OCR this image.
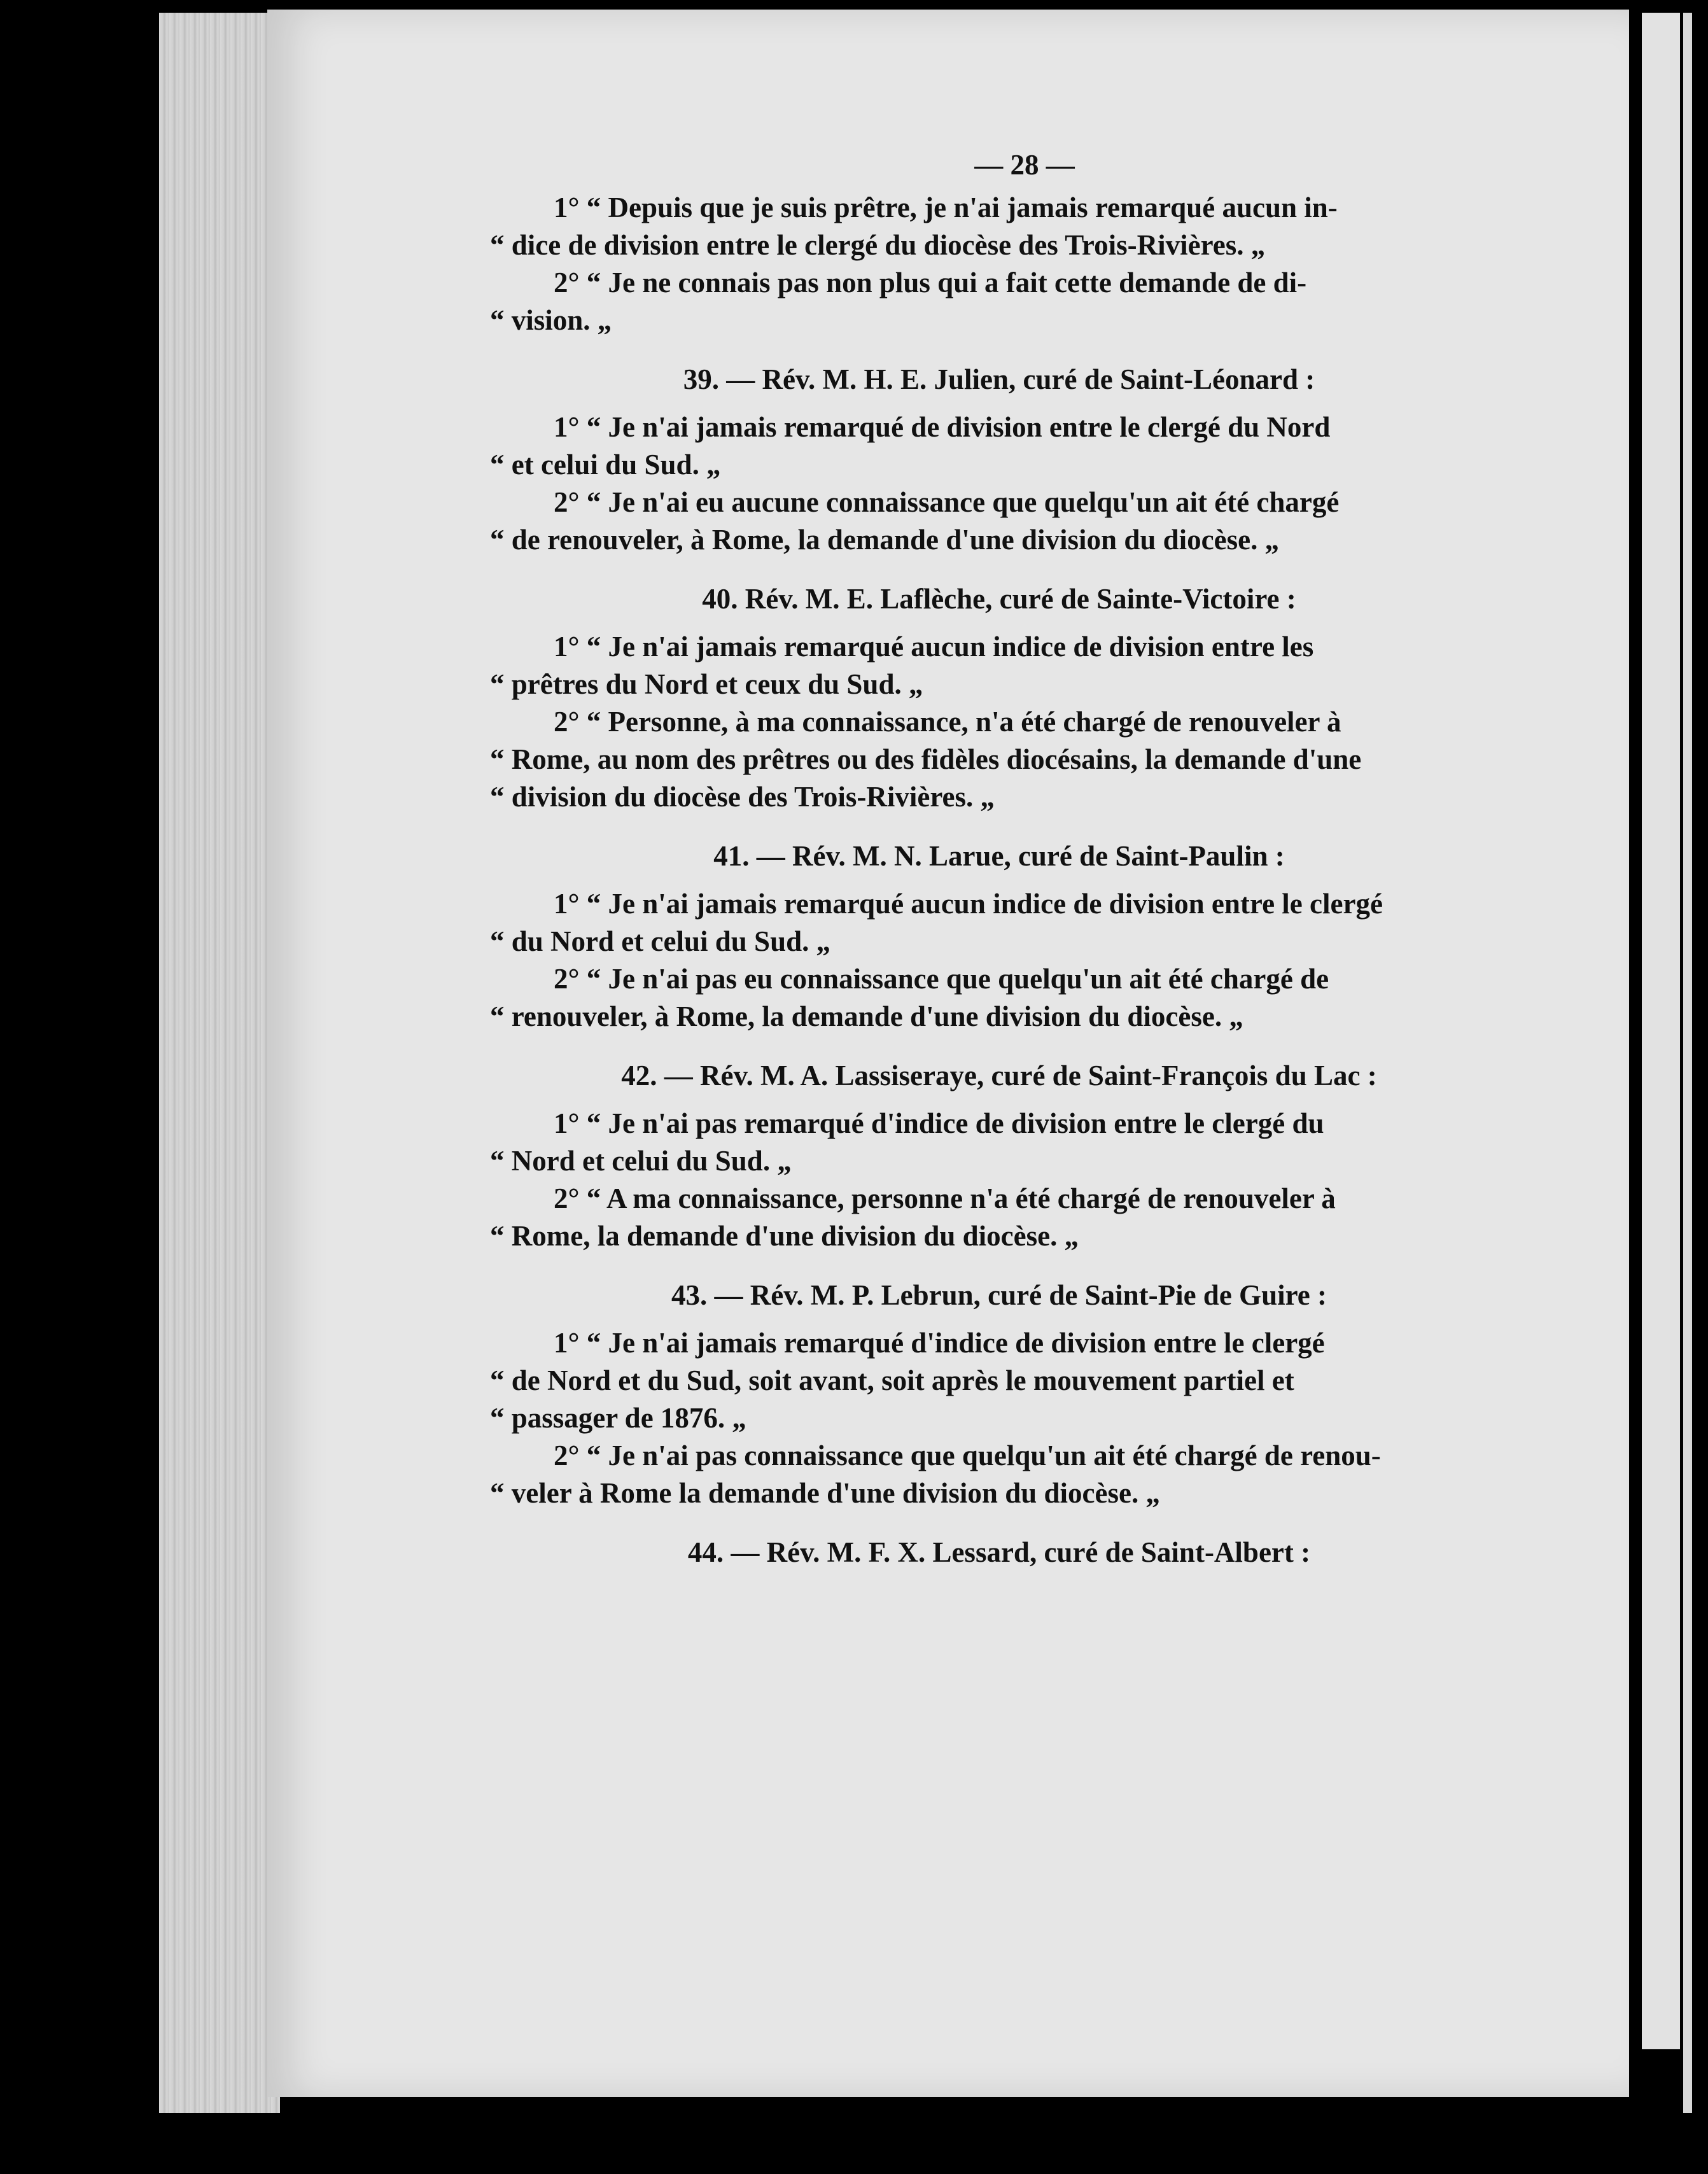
— 28 —
1° “ Depuis que je suis prêtre, je n'ai jamais remarqué aucun in-
“ dice de division entre le clergé du diocèse des Trois-Rivières. „
2° “ Je ne connais pas non plus qui a fait cette demande de di-
“ vision. „
39. — Rév. M. H. E. Julien, curé de Saint-Léonard :
1° “ Je n'ai jamais remarqué de division entre le clergé du Nord
“ et celui du Sud. „
2° “ Je n'ai eu aucune connaissance que quelqu'un ait été chargé
“ de renouveler, à Rome, la demande d'une division du diocèse. „
40. Rév. M. E. Laflèche, curé de Sainte-Victoire :
1° “ Je n'ai jamais remarqué aucun indice de division entre les
“ prêtres du Nord et ceux du Sud. „
2° “ Personne, à ma connaissance, n'a été chargé de renouveler à
“ Rome, au nom des prêtres ou des fidèles diocésains, la demande d'une
“ division du diocèse des Trois-Rivières. „
41. — Rév. M. N. Larue, curé de Saint-Paulin :
1° “ Je n'ai jamais remarqué aucun indice de division entre le clergé
“ du Nord et celui du Sud. „
2° “ Je n'ai pas eu connaissance que quelqu'un ait été chargé de
“ renouveler, à Rome, la demande d'une division du diocèse. „
42. — Rév. M. A. Lassiseraye, curé de Saint-François du Lac :
1° “ Je n'ai pas remarqué d'indice de division entre le clergé du
“ Nord et celui du Sud. „
2° “ A ma connaissance, personne n'a été chargé de renouveler à
“ Rome, la demande d'une division du diocèse. „
43. — Rév. M. P. Lebrun, curé de Saint-Pie de Guire :
1° “ Je n'ai jamais remarqué d'indice de division entre le clergé
“ de Nord et du Sud, soit avant, soit après le mouvement partiel et
“ passager de 1876. „
2° “ Je n'ai pas connaissance que quelqu'un ait été chargé de renou-
“ veler à Rome la demande d'une division du diocèse. „
44. — Rév. M. F. X. Lessard, curé de Saint-Albert :
